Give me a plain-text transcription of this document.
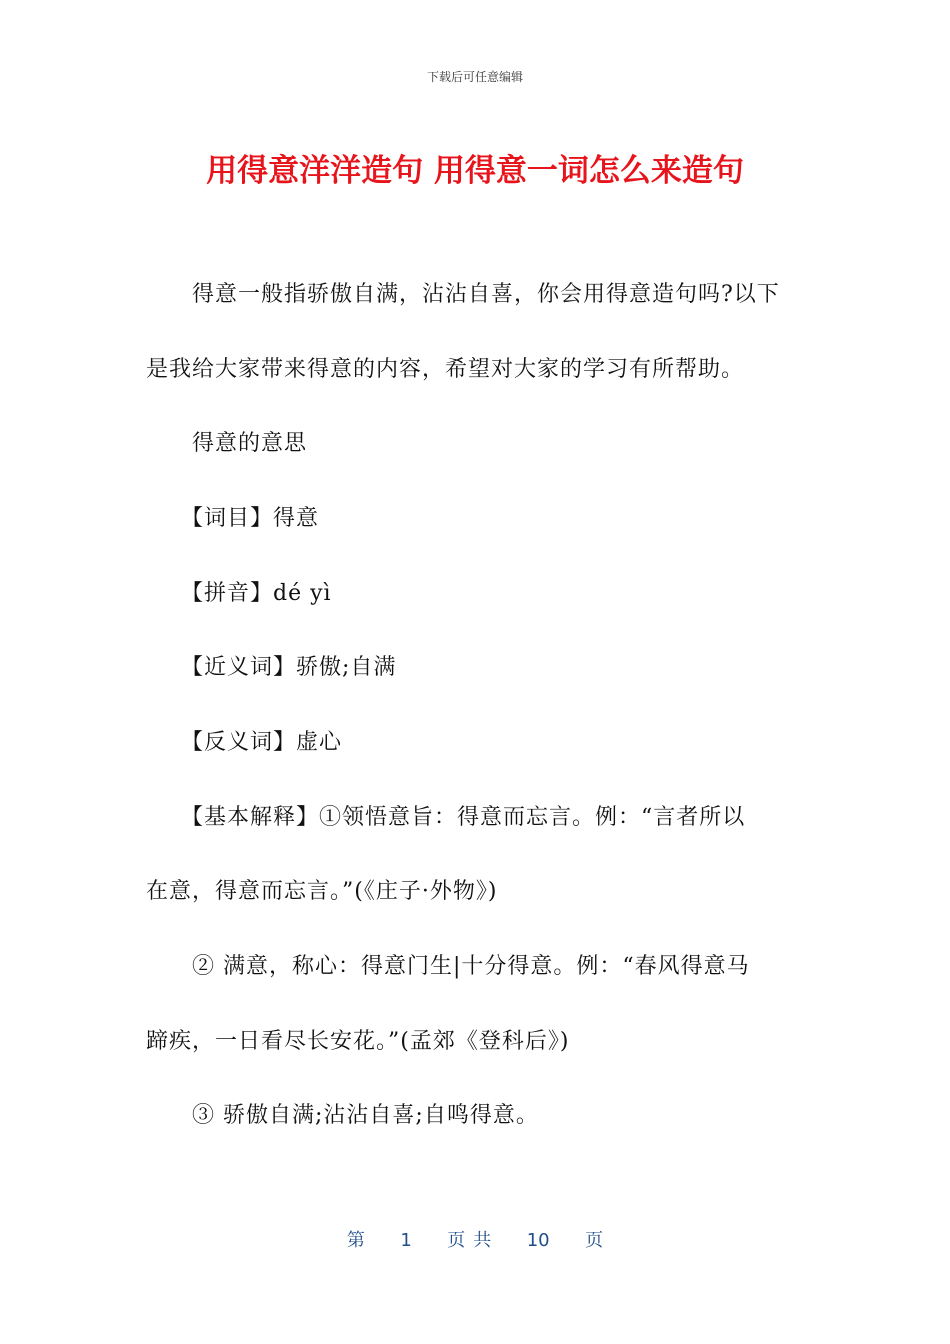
下载后可任意编辑
用得意洋洋造句 用得意一词怎么来造句
　　得意一般指骄傲自满，沾沾自喜，你会用得意造句吗?以下
是我给大家带来得意的内容，希望对大家的学习有所帮助。
　　得意的意思
　　【词目】得意
　　【拼音】dé yì
　　【近义词】骄傲;自满
　　【反义词】虚心
　　【基本解释】①领悟意旨：得意而忘言。例：“言者所以
在意，得意而忘言。”(《庄子·外物》)
　　② 满意，称心：得意门生|十分得意。例：“春风得意马
蹄疾，一日看尽长安花。”(孟郊《登科后》)
　　③ 骄傲自满;沾沾自喜;自鸣得意。
第 1 页共 10 页
